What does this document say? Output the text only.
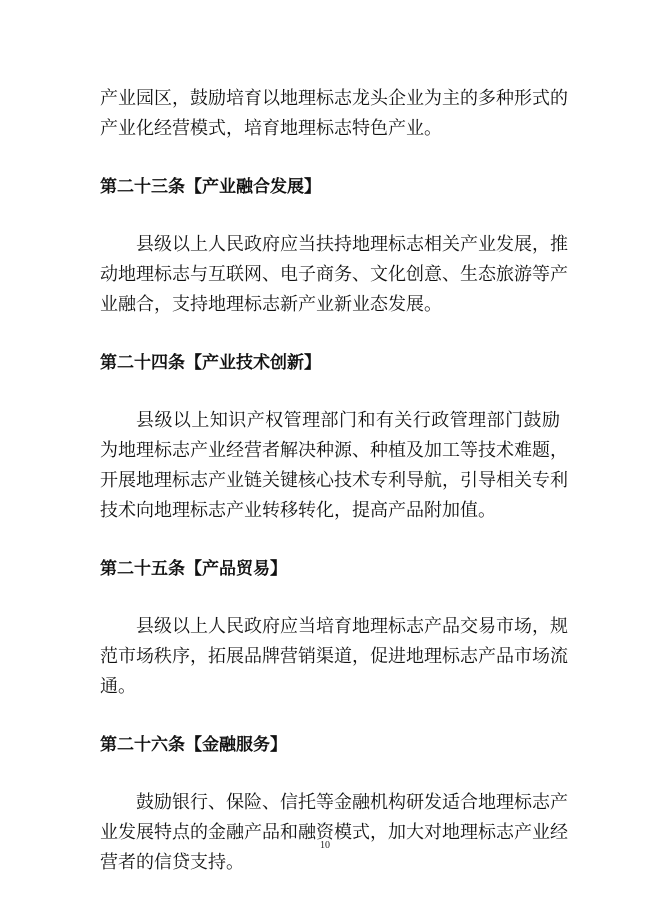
产业园区，鼓励培育以地理标志龙头企业为主的多种形式的
产业化经营模式，培育地理标志特色产业。
第二十三条【产业融合发展】
县级以上人民政府应当扶持地理标志相关产业发展，推
动地理标志与互联网、电子商务、文化创意、生态旅游等产
业融合，支持地理标志新产业新业态发展。
第二十四条【产业技术创新】
县级以上知识产权管理部门和有关行政管理部门鼓励
为地理标志产业经营者解决种源、种植及加工等技术难题，
开展地理标志产业链关键核心技术专利导航，引导相关专利
技术向地理标志产业转移转化，提高产品附加值。
第二十五条【产品贸易】
县级以上人民政府应当培育地理标志产品交易市场，规
范市场秩序，拓展品牌营销渠道，促进地理标志产品市场流
通。
第二十六条【金融服务】
鼓励银行、保险、信托等金融机构研发适合地理标志产
业发展特点的金融产品和融资模式，加大对地理标志产业经
营者的信贷支持。
10
